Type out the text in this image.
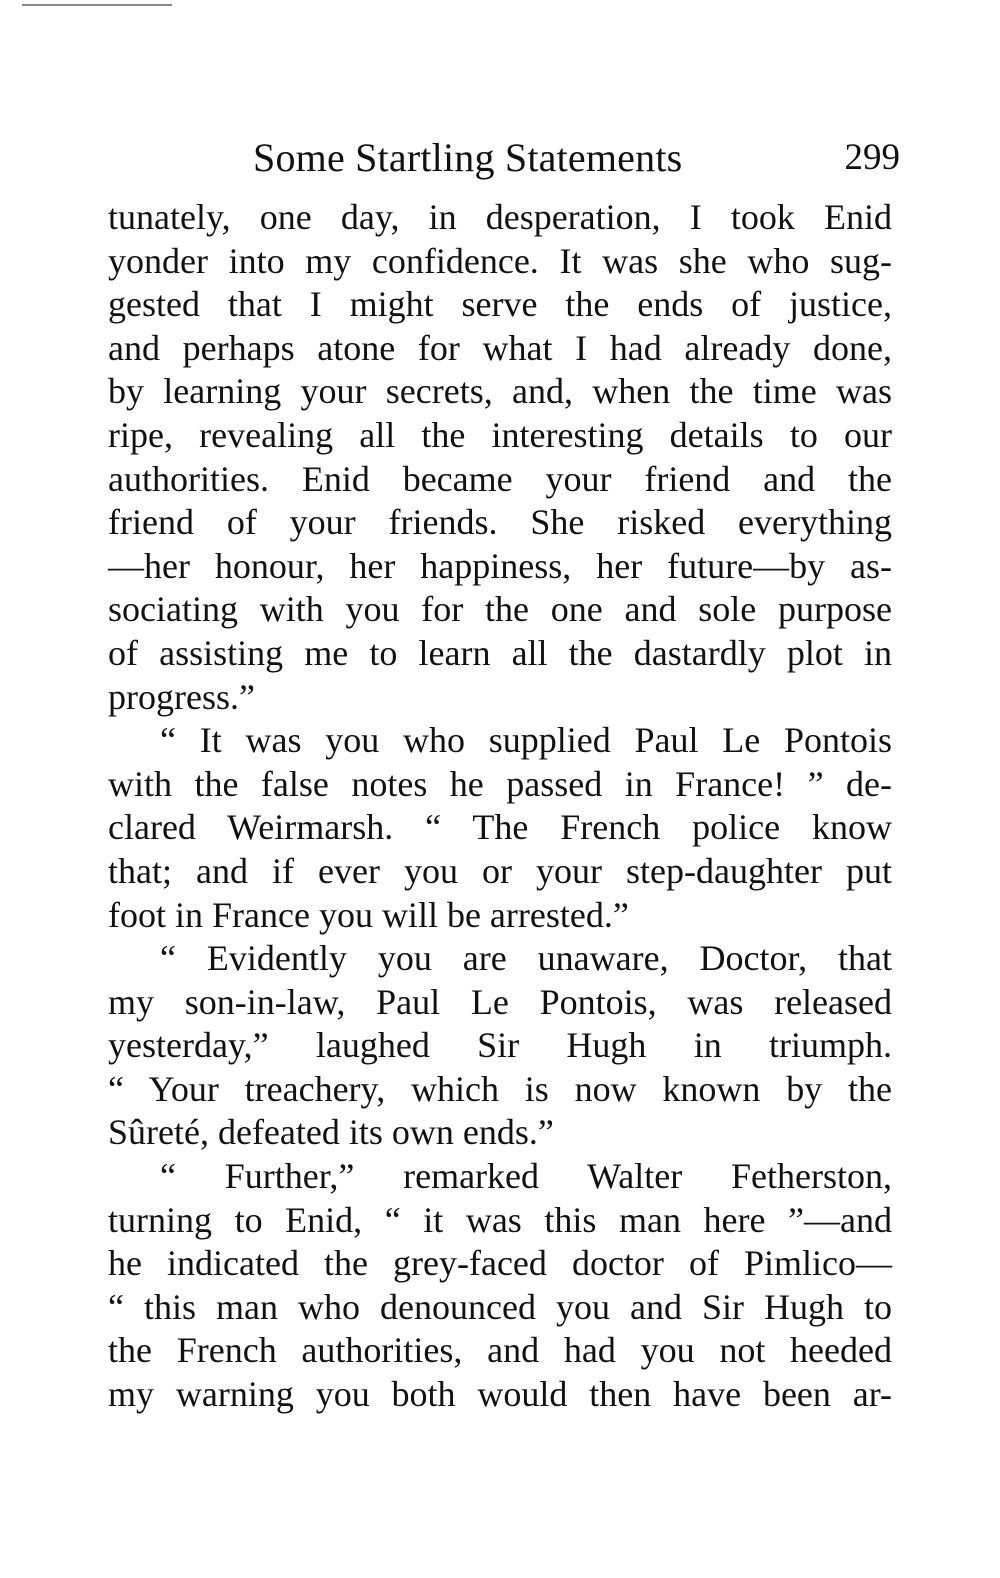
Some Startling Statements	299
tunately, one day, in desperation, I took Enid
yonder into my confidence. It was she who sug-
gested that I might serve the ends of justice,
and perhaps atone for what I had already done,
by learning your secrets, and, when the time was
ripe, revealing all the interesting details to our
authorities. Enid became your friend and the
friend of your friends. She risked everything
—her honour, her happiness, her future—by as-
sociating with you for the one and sole purpose
of assisting me to learn all the dastardly plot in
progress.”
“ It was you who supplied Paul Le Pontois
with the false notes he passed in France! ” de-
clared Weirmarsh. “ The French police know
that; and if ever you or your step-daughter put
foot in France you will be arrested.”
“ Evidently you are unaware, Doctor, that
my son-in-law, Paul Le Pontois, was released
yesterday,” laughed Sir Hugh in triumph.
“ Your treachery, which is now known by the
Sûreté, defeated its own ends.”
“ Further,” remarked Walter Fetherston,
turning to Enid, “ it was this man here ”—and
he indicated the grey-faced doctor of Pimlico—
“ this man who denounced you and Sir Hugh to
the French authorities, and had you not heeded
my warning you both would then have been ar-
